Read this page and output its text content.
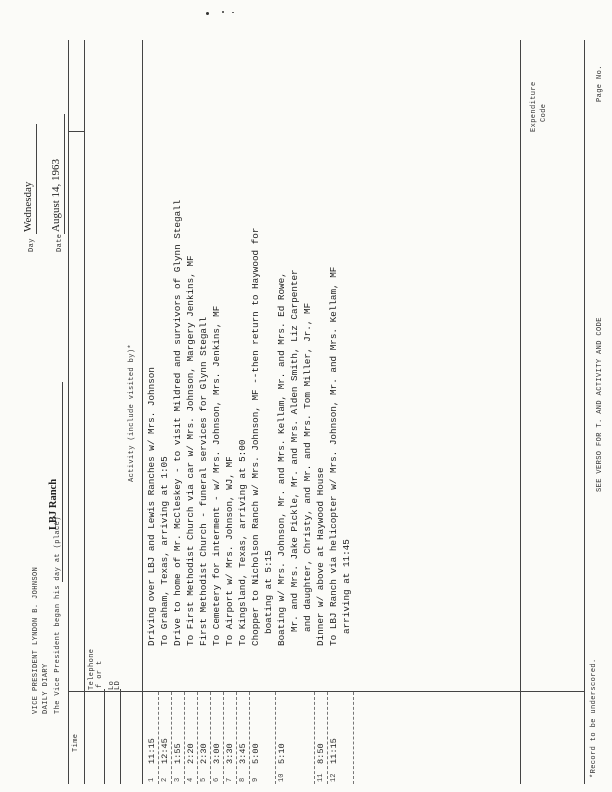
VICE PRESIDENT LYNDON B. JOHNSON DAILY DIARY The Vice President began his day at (place)
LBJ Ranch
Day
Wednesday
Date
August 14, 1963
Time
Telephone f or t Lo
LD
Activity (include visited by)*
Expenditure Code
1
11:15
Driving over LBJ and Lewis Ranches w/ Mrs. Johnson
2
12:45
To Graham, Texas, arriving at 1:05
3
1:55
Drive to home of Mr. McCleskey - to visit Mildred and survivors of Glynn Stegall
4
2:20
To First Methodist Church via car w/ Mrs. Johnson, Margery Jenkins, MF
5
2:30
First Methodist Church - funeral services for Glynn Stegall
6
3:00
To Cemetery for interment - w/ Mrs. Johnson, Mrs. Jenkins, MF
7
3:30
To Airport w/ Mrs. Johnson, WJ, MF
8
3:45
To Kingsland, Texas, arriving at 5:00
9
5:00
Chopper to Nicholson Ranch w/ Mrs. Johnson, MF --then return to Haywood for boating at 5:15
10
5:10
Boating w/ Mrs. Johnson, Mr. and Mrs. Kellam, Mr. and Mrs. Ed Rowe, Mr. and Mrs. Jake Pickle, Mr. and Mrs. Alden Smith, Liz Carpenter and daughter, Christy, and Mr. and Mrs. Tom Miller, Jr., MF
11
8:50
Dinner w/ above at Haywood House
12
11:15
To LBJ Ranch via helicopter w/ Mrs. Johnson, Mr. and Mrs. Kellam, MF arriving at 11:45
*Record to be underscored.
SEE VERSO FOR T. AND ACTIVITY AND CODE
Page No.
